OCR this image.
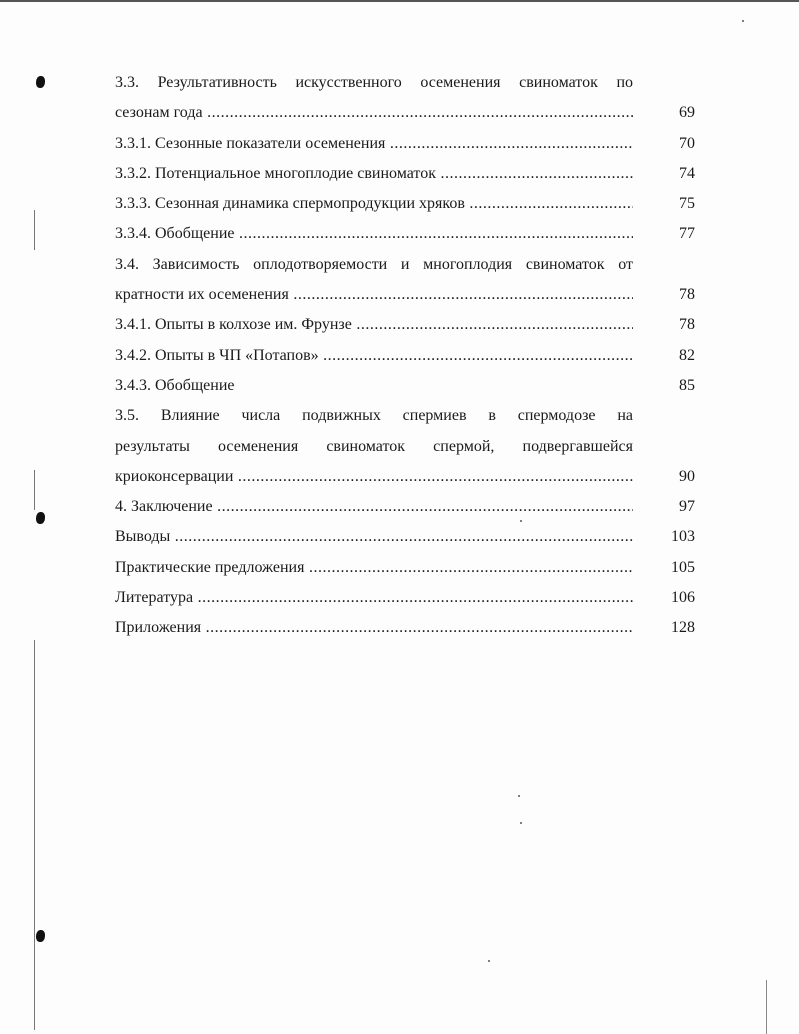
3.3. Результативность искусственного осеменения свиноматок по
сезонам года .....	69
3.3.1. Сезонные показатели осеменения .....	70
3.3.2. Потенциальное многоплодие свиноматок .....	74
3.3.3. Сезонная динамика спермопродукции хряков .....	75
3.3.4. Обобщение .....	77
3.4. Зависимость оплодотворяемости и многоплодия свиноматок от
кратности их осеменения .....	78
3.4.1. Опыты в колхозе им. Фрунзе .....	78
3.4.2. Опыты в ЧП «Потапов» .....	82
3.4.3. Обобщение	85
3.5. Влияние числа подвижных спермиев в спермодозе на
результаты осеменения свиноматок спермой, подвергавшейся
криоконсервации .....	90
4. Заключение .....	97
Выводы .....	103
Практические предложения .....	105
Литература .....	106
Приложения .....	128
